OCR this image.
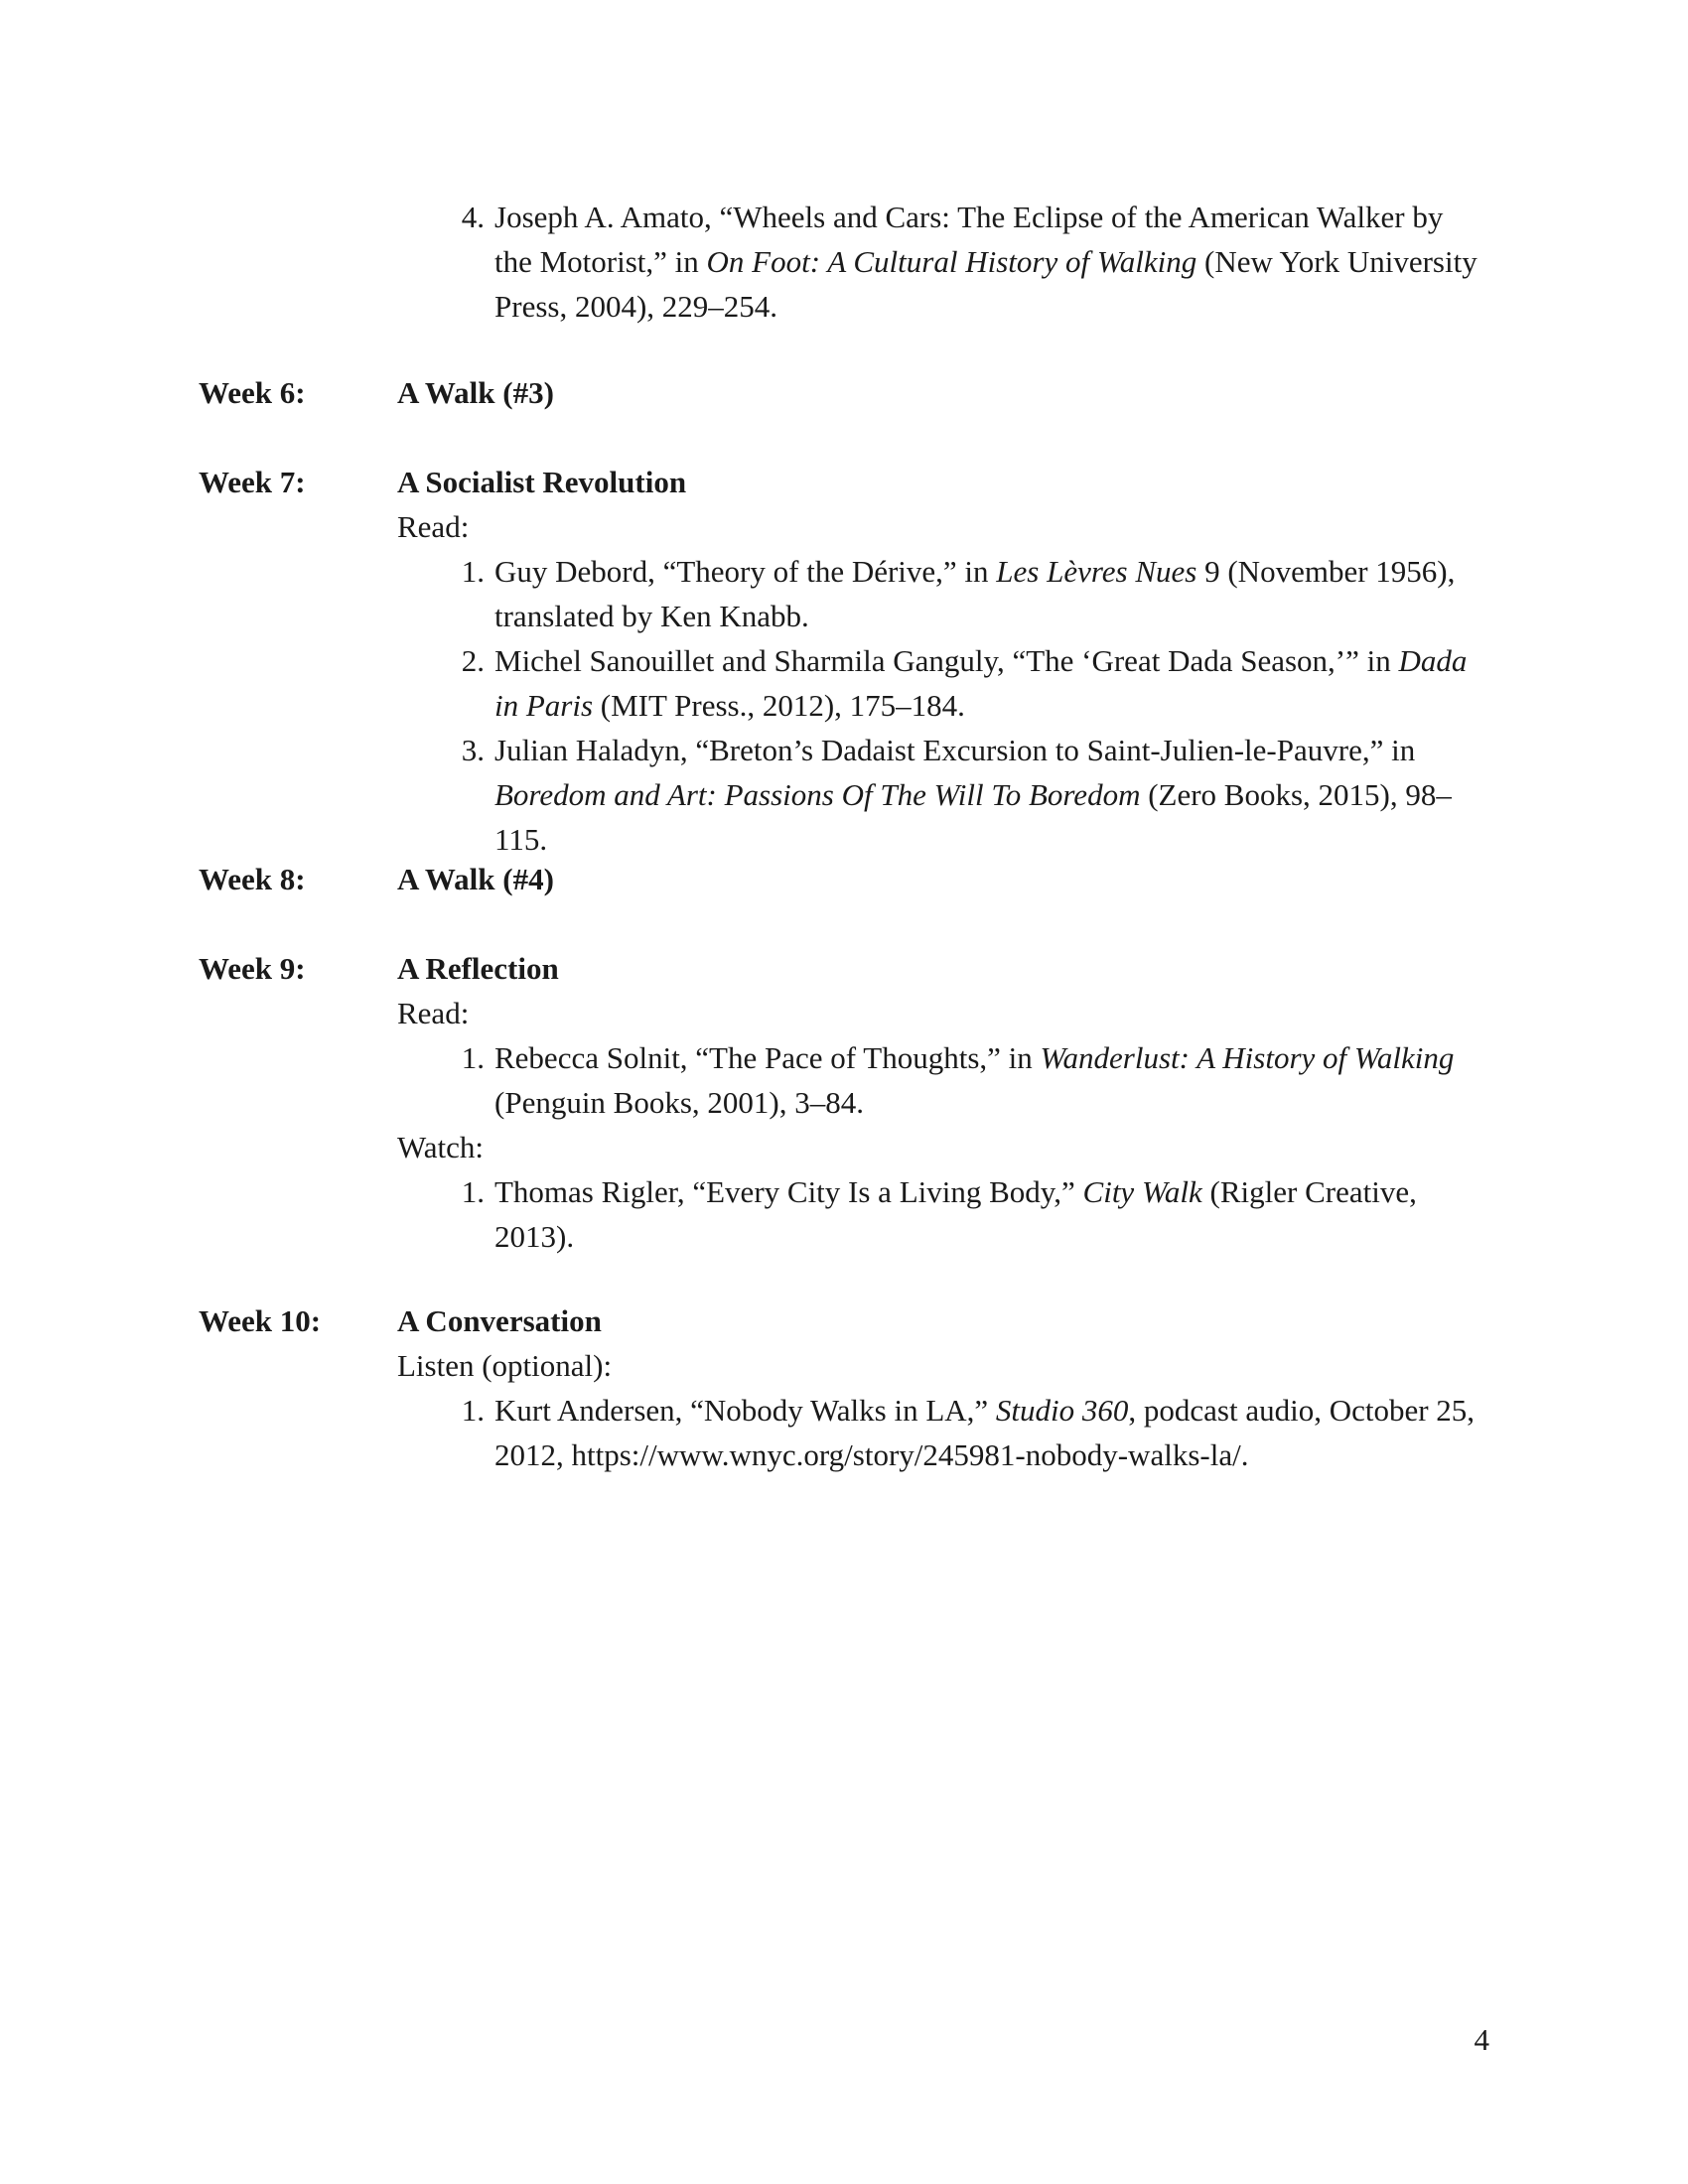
4. Joseph A. Amato, “Wheels and Cars: The Eclipse of the American Walker by the Motorist,” in On Foot: A Cultural History of Walking (New York University Press, 2004), 229–254.
Week 6:	A Walk (#3)
Week 7:	A Socialist Revolution
Read:
1. Guy Debord, “Theory of the Dérive,” in Les Lèvres Nues 9 (November 1956), translated by Ken Knabb.
2. Michel Sanouillet and Sharmila Ganguly, “The ‘Great Dada Season,’” in Dada in Paris (MIT Press., 2012), 175–184.
3. Julian Haladyn, “Breton’s Dadaist Excursion to Saint-Julien-le-Pauvre,” in Boredom and Art: Passions Of The Will To Boredom (Zero Books, 2015), 98–115.
Week 8:	A Walk (#4)
Week 9:	A Reflection
Read:
1. Rebecca Solnit, “The Pace of Thoughts,” in Wanderlust: A History of Walking (Penguin Books, 2001), 3–84.
Watch:
1. Thomas Rigler, “Every City Is a Living Body,” City Walk (Rigler Creative, 2013).
Week 10: A Conversation
Listen (optional):
1. Kurt Andersen, “Nobody Walks in LA,” Studio 360, podcast audio, October 25, 2012, https://www.wnyc.org/story/245981-nobody-walks-la/.
4
